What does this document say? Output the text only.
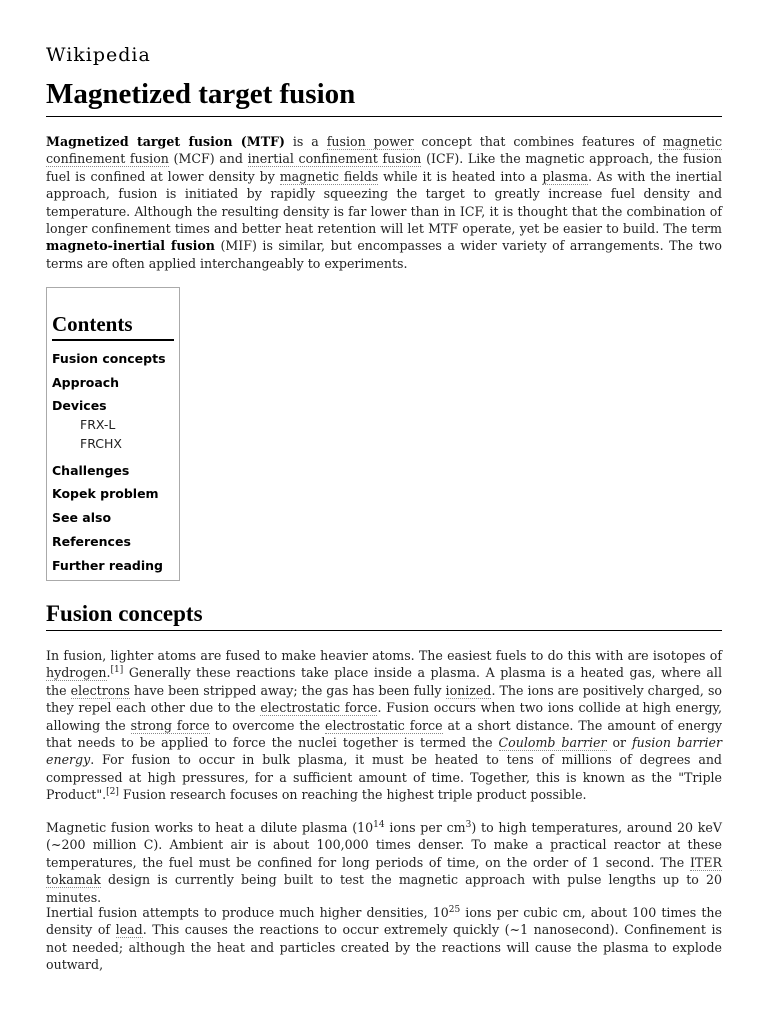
Wikipedia
Magnetized target fusion

Magnetized target fusion (MTF) is a fusion power concept that combines features of magnetic confinement fusion (MCF) and inertial confinement fusion (ICF). Like the magnetic approach, the fusion fuel is confined at lower density by magnetic fields while it is heated into a plasma. As with the inertial approach, fusion is initiated by rapidly squeezing the target to greatly increase fuel density and temperature. Although the resulting density is far lower than in ICF, it is thought that the combination of longer confinement times and better heat retention will let MTF operate, yet be easier to build. The term magneto-inertial fusion (MIF) is similar, but encompasses a wider variety of arrangements. The two terms are often applied interchangeably to experiments.

Contents
Fusion concepts
Approach
Devices
FRX-L
FRCHX
Challenges
Kopek problem
See also
References
Further reading
Fusion concepts

In fusion, lighter atoms are fused to make heavier atoms. The easiest fuels to do this with are isotopes of hydrogen.[1] Generally these reactions take place inside a plasma. A plasma is a heated gas, where all the electrons have been stripped away; the gas has been fully ionized. The ions are positively charged, so they repel each other due to the electrostatic force. Fusion occurs when two ions collide at high energy, allowing the strong force to overcome the electrostatic force at a short distance. The amount of energy that needs to be applied to force the nuclei together is termed the Coulomb barrier or fusion barrier energy. For fusion to occur in bulk plasma, it must be heated to tens of millions of degrees and compressed at high pressures, for a sufficient amount of time. Together, this is known as the "Triple Product".[2] Fusion research focuses on reaching the highest triple product possible.

Magnetic fusion works to heat a dilute plasma ($10^{14}$ ions per $cm^3$) to high temperatures, around 20 keV (~200 million C). Ambient air is about 100,000 times denser. To make a practical reactor at these temperatures, the fuel must be confined for long periods of time, on the order of 1 second. The ITER tokamak design is currently being built to test the magnetic approach with pulse lengths up to 20 minutes.

Inertial fusion attempts to produce much higher densities, $10^{25}$ ions per cubic cm, about 100 times the density of lead. This causes the reactions to occur extremely quickly (~1 nanosecond). Confinement is not needed; although the heat and particles created by the reactions will cause the plasma to explode outward,
